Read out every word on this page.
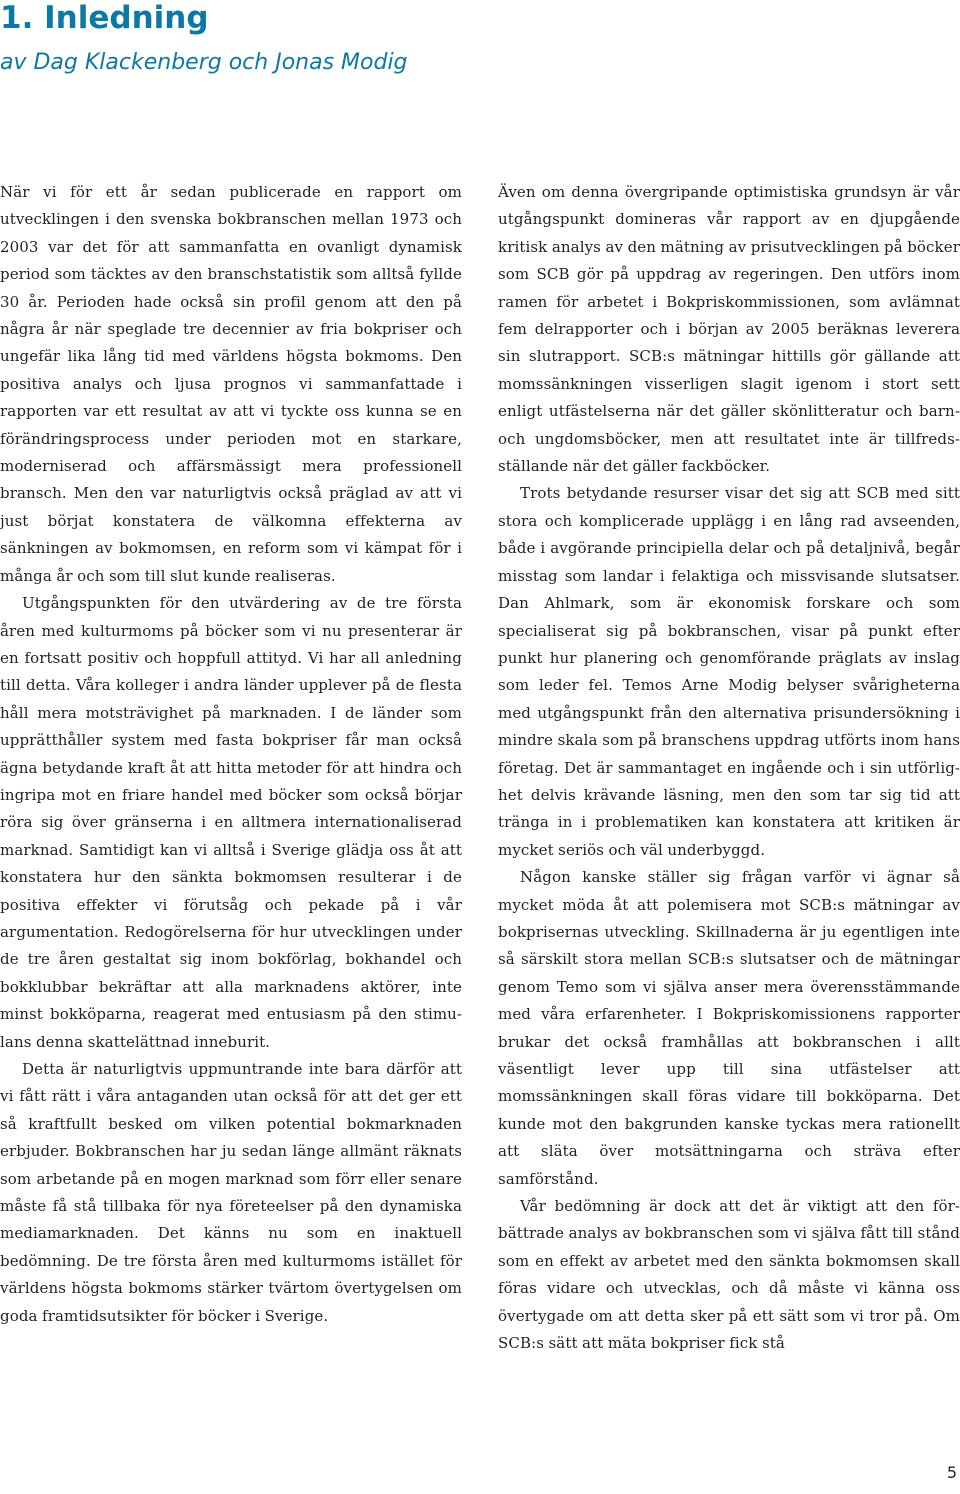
1. Inledning

av Dag Klackenberg och Jonas Modig

När vi för ett år sedan publicerade en rapport om utvecklingen i den svenska bokbranschen mellan 1973 och 2003 var det för att sammanfatta en ovanligt dynamisk period som täcktes av den branschstatistik som alltså fyllde 30 år. Perioden hade också sin profil genom att den på några år när speglade tre decennier av fria bokpriser och ungefär lika lång tid med världens högsta bokmoms. Den positiva analys och ljusa prognos vi sammanfattade i rapporten var ett resultat av att vi tyckte oss kunna se en förändringsprocess under perioden mot en starkare, moderniserad och affärsmässigt mera professionell bransch. Men den var naturligtvis också präglad av att vi just börjat konstatera de välkomna effekterna av sänkningen av bokmomsen, en reform som vi kämpat för i många år och som till slut kunde realiseras.

Utgångspunkten för den utvärdering av de tre första åren med kulturmoms på böcker som vi nu presenterar är en fortsatt positiv och hoppfull attityd. Vi har all anledning till detta. Våra kolleger i andra länder upplever på de flesta håll mera motsträvighet på marknaden. I de länder som upprätthåller system med fasta bokpriser får man också ägna betydande kraft åt att hitta metoder för att hindra och ingripa mot en friare handel med böcker som också börjar röra sig över gränserna i en alltmera internationaliserad marknad. Samtidigt kan vi alltså i Sverige glädja oss åt att konstatera hur den sänkta bokmomsen resulterar i de positiva effekter vi förutsåg och pekade på i vår argumentation. Redogörelserna för hur utvecklingen under de tre åren gestaltat sig inom bokförlag, bokhandel och bokklubbar bekräftar att alla marknadens aktörer, inte minst bokköparna, reagerat med entusiasm på den stimulans denna skattelättnad inneburit.

Detta är naturligtvis uppmuntrande inte bara därför att vi fått rätt i våra antaganden utan också för att det ger ett så kraftfullt besked om vilken potential bokmarknaden erbjuder. Bokbranschen har ju sedan länge allmänt räknats som arbetande på en mogen marknad som förr eller senare måste få stå tillbaka för nya företeelser på den dynamiska mediamarknaden. Det känns nu som en inaktuell bedömning. De tre första åren med kulturmoms istället för världens högsta bokmoms stärker tvärtom övertygelsen om goda framtidsutsikter för böcker i Sverige.

Även om denna övergripande optimistiska grundsyn är vår utgångspunkt domineras vår rapport av en djupgående kritisk analys av den mätning av prisutvecklingen på böcker som SCB gör på uppdrag av regeringen. Den utförs inom ramen för arbetet i Bokpriskommissionen, som avlämnat fem delrapporter och i början av 2005 beräknas leverera sin slutrapport. SCB:s mätningar hittills gör gällande att momssänkningen visserligen slagit igenom i stort sett enligt utfästelserna när det gäller skönlitteratur och barn- och ungdomsböcker, men att resultatet inte är tillfredsställande när det gäller fackböcker.

Trots betydande resurser visar det sig att SCB med sitt stora och komplicerade upplägg i en lång rad avseenden, både i avgörande principiella delar och på detaljnivå, begår misstag som landar i felaktiga och missvisande slutsatser. Dan Ahlmark, som är ekonomisk forskare och som specialiserat sig på bokbranschen, visar på punkt efter punkt hur planering och genomförande präglats av inslag som leder fel. Temos Arne Modig belyser svårigheterna med utgångspunkt från den alternativa prisundersökning i mindre skala som på branschens uppdrag utförts inom hans företag. Det är sammantaget en ingående och i sin utförlighet delvis krävande läsning, men den som tar sig tid att tränga in i problematiken kan konstatera att kritiken är mycket seriös och väl underbyggd.

Någon kanske ställer sig frågan varför vi ägnar så mycket möda åt att polemisera mot SCB:s mätningar av bokprisernas utveckling. Skillnaderna är ju egentligen inte så särskilt stora mellan SCB:s slutsatser och de mätningar genom Temo som vi själva anser mera överensstämmande med våra erfarenheter. I Bokpriskomissionens rapporter brukar det också framhållas att bokbranschen i allt väsentligt lever upp till sina utfästelser att momssänkningen skall föras vidare till bokköparna. Det kunde mot den bakgrunden kanske tyckas mera rationellt att släta över motsättningarna och sträva efter samförstånd.

Vår bedömning är dock att det är viktigt att den förbättrade analys av bokbranschen som vi själva fått till stånd som en effekt av arbetet med den sänkta bokmomsen skall föras vidare och utvecklas, och då måste vi känna oss övertygade om att detta sker på ett sätt som vi tror på. Om SCB:s sätt att mäta bokpriser fick stå

5
